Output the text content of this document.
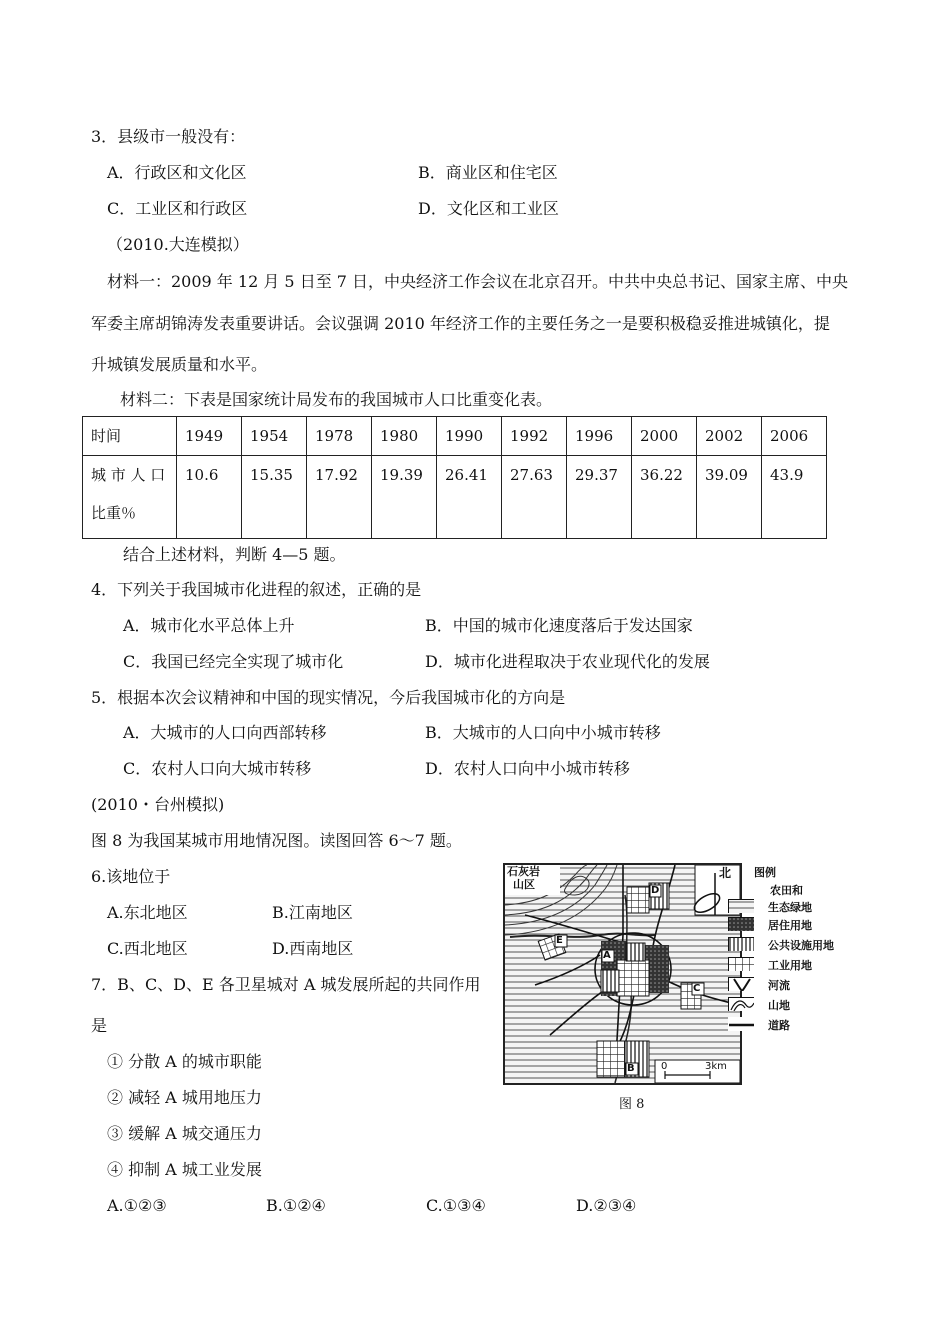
3．县级市一般没有：
A．行政区和文化区	B．商业区和住宅区
C．工业区和行政区	D．文化区和工业区
（2010.大连模拟）
材料一：2009 年 12 月 5 日至 7 日，中央经济工作会议在北京召开。中共中央总书记、国家主席、中央
军委主席胡锦涛发表重要讲话。会议强调 2010 年经济工作的主要任务之一是要积极稳妥推进城镇化，提
升城镇发展质量和水平。
材料二：下表是国家统计局发布的我国城市人口比重变化表。
时间	1949	1954	1978	1980	1990	1992	1996	2000	2002	2006

城 市 人 口
比重％	10.6	15.35	17.92	19.39	26.41	27.63	29.37	36.22	39.09	43.9
结合上述材料，判断 4—5 题。
4．下列关于我国城市化进程的叙述，正确的是
A．城市化水平总体上升	B．中国的城市化速度落后于发达国家
C．我国已经完全实现了城市化	D．城市化进程取决于农业现代化的发展
5．根据本次会议精神和中国的现实情况，今后我国城市化的方向是
A．大城市的人口向西部转移	B．大城市的人口向中小城市转移
C．农村人口向大城市转移	D．农村人口向中小城市转移
(2010・台州模拟)
图 8 为我国某城市用地情况图。读图回答 6～7 题。
6.该地位于
A.东北地区	B.江南地区
C.西北地区	D.西南地区
7．B、C、D、E 各卫星城对 A 城发展所起的共同作用
是
① 分散 A 的城市职能
② 减轻 A 城用地压力
③ 缓解 A 城交通压力
④ 抑制 A 城工业发展
A.①②③	B.①②④	C.①③④	D.②③④
石灰岩
山区
北
A
B
C
D
E
0	3km
图例
农田和
生态绿地
居住用地
公共设施用地
工业用地
河流
山地
道路
图 8
